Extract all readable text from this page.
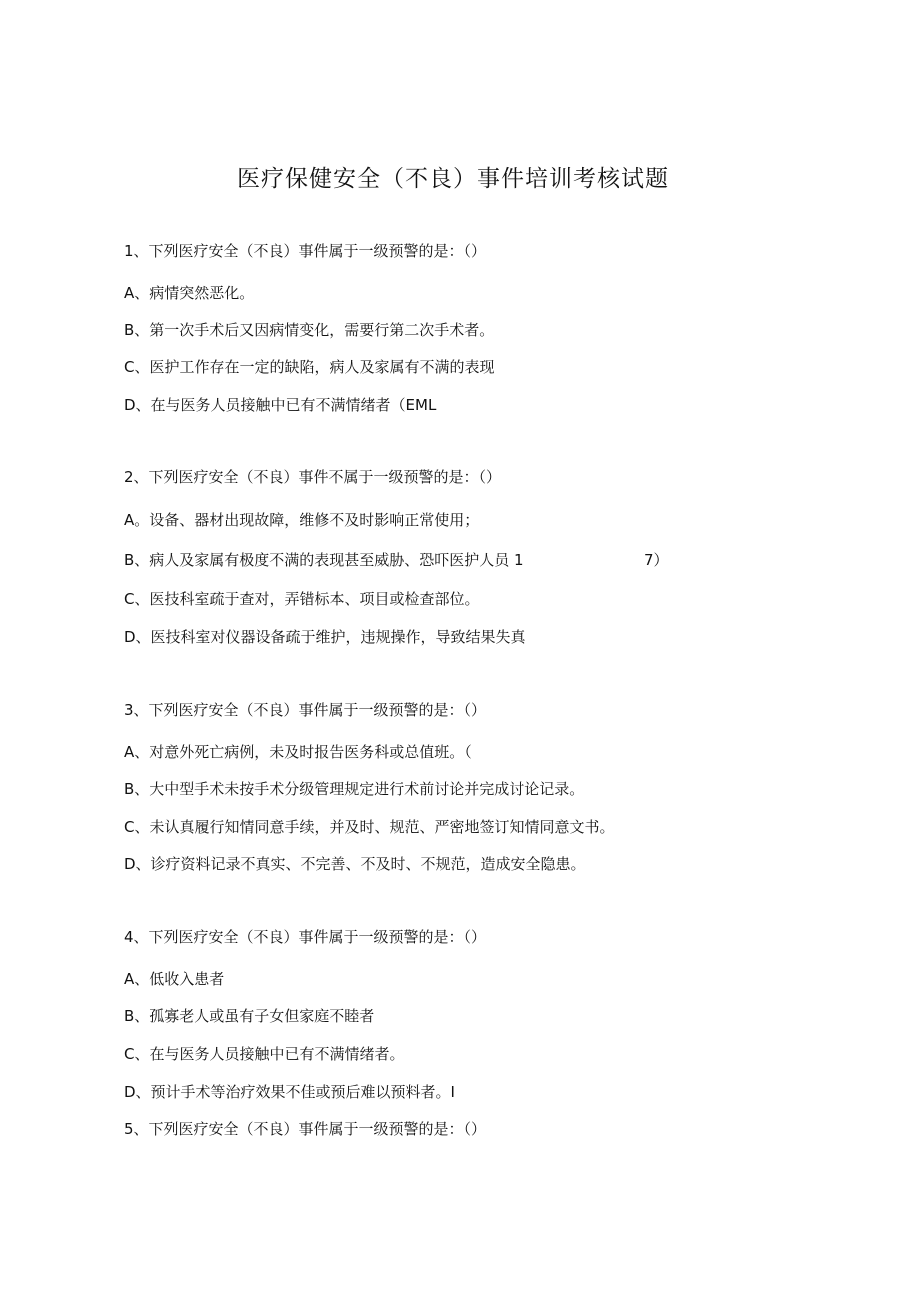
医疗保健安全（不良）事件培训考核试题
1、下列医疗安全（不良）事件属于一级预警的是：（）
A、病情突然恶化。
B、第一次手术后又因病情变化，需要行第二次手术者。
C、医护工作存在一定的缺陷，病人及家属有不满的表现
D、在与医务人员接触中已有不满情绪者（EML
2、下列医疗安全（不良）事件不属于一级预警的是：（）
A。设备、器材出现故障，维修不及时影响正常使用；
B、病人及家属有极度不满的表现甚至威胁、恐吓医护人员 1	7）
C、医技科室疏于查对，弄错标本、项目或检查部位。
D、医技科室对仪器设备疏于维护，违规操作，导致结果失真
3、下列医疗安全（不良）事件属于一级预警的是：（）
A、对意外死亡病例，未及时报告医务科或总值班。（
B、大中型手术未按手术分级管理规定进行术前讨论并完成讨论记录。
C、未认真履行知情同意手续，并及时、规范、严密地签订知情同意文书。
D、诊疗资料记录不真实、不完善、不及时、不规范，造成安全隐患。
4、下列医疗安全（不良）事件属于一级预警的是：（）
A、低收入患者
B、孤寡老人或虽有子女但家庭不睦者
C、在与医务人员接触中已有不满情绪者。
D、预计手术等治疗效果不佳或预后难以预料者。I
5、下列医疗安全（不良）事件属于一级预警的是：（）
